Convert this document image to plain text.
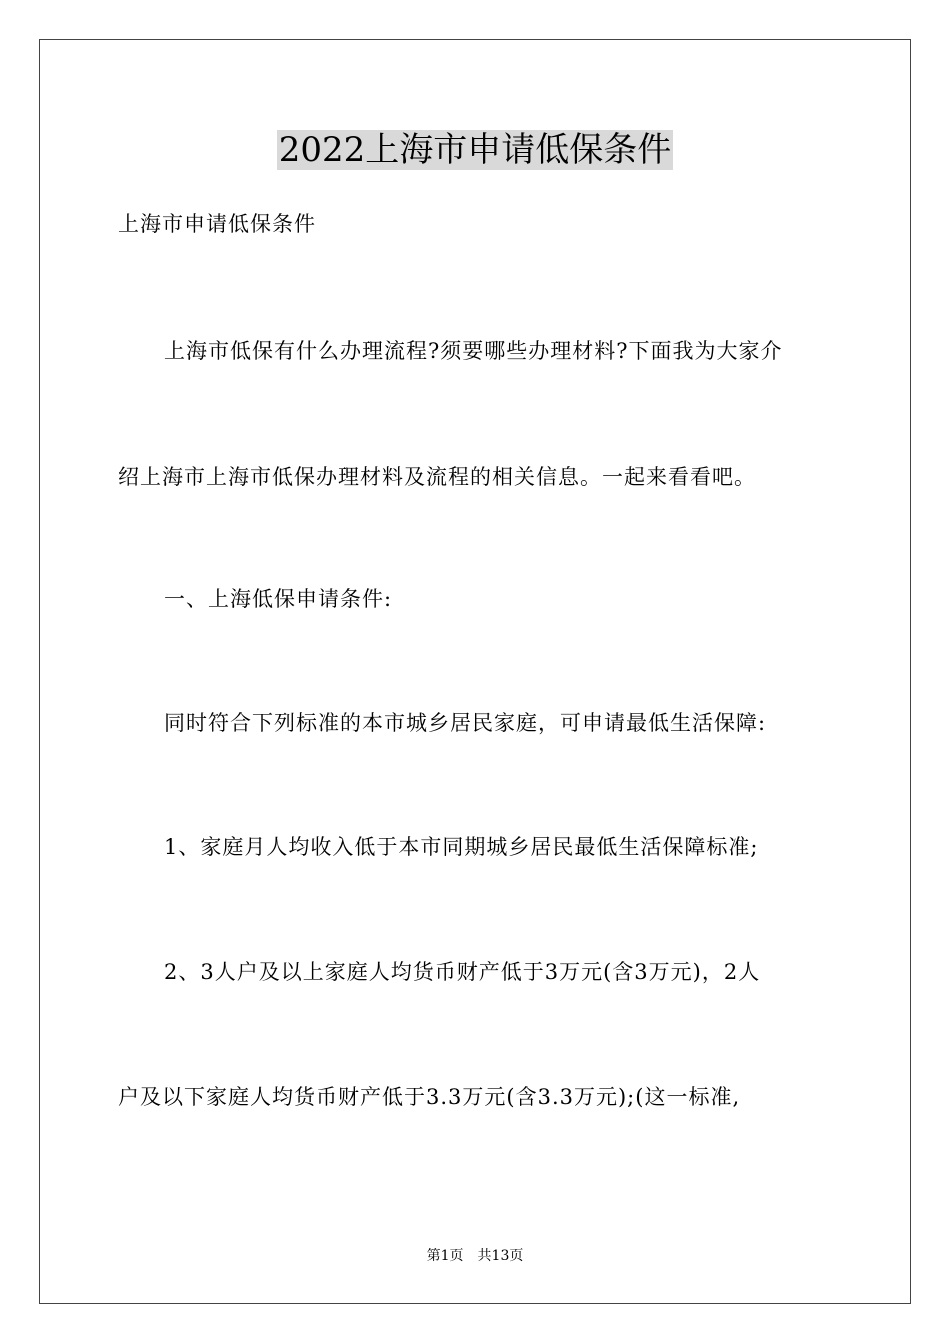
2022上海市申请低保条件
上海市申请低保条件
上海市低保有什么办理流程?须要哪些办理材料?下面我为大家介
绍上海市上海市低保办理材料及流程的相关信息。一起来看看吧。
一、上海低保申请条件:
同时符合下列标准的本市城乡居民家庭，可申请最低生活保障:
1、家庭月人均收入低于本市同期城乡居民最低生活保障标准;
2、3人户及以上家庭人均货币财产低于3万元(含3万元)，2人
户及以下家庭人均货币财产低于3.3万元(含3.3万元);(这一标准,
第1页　共13页
